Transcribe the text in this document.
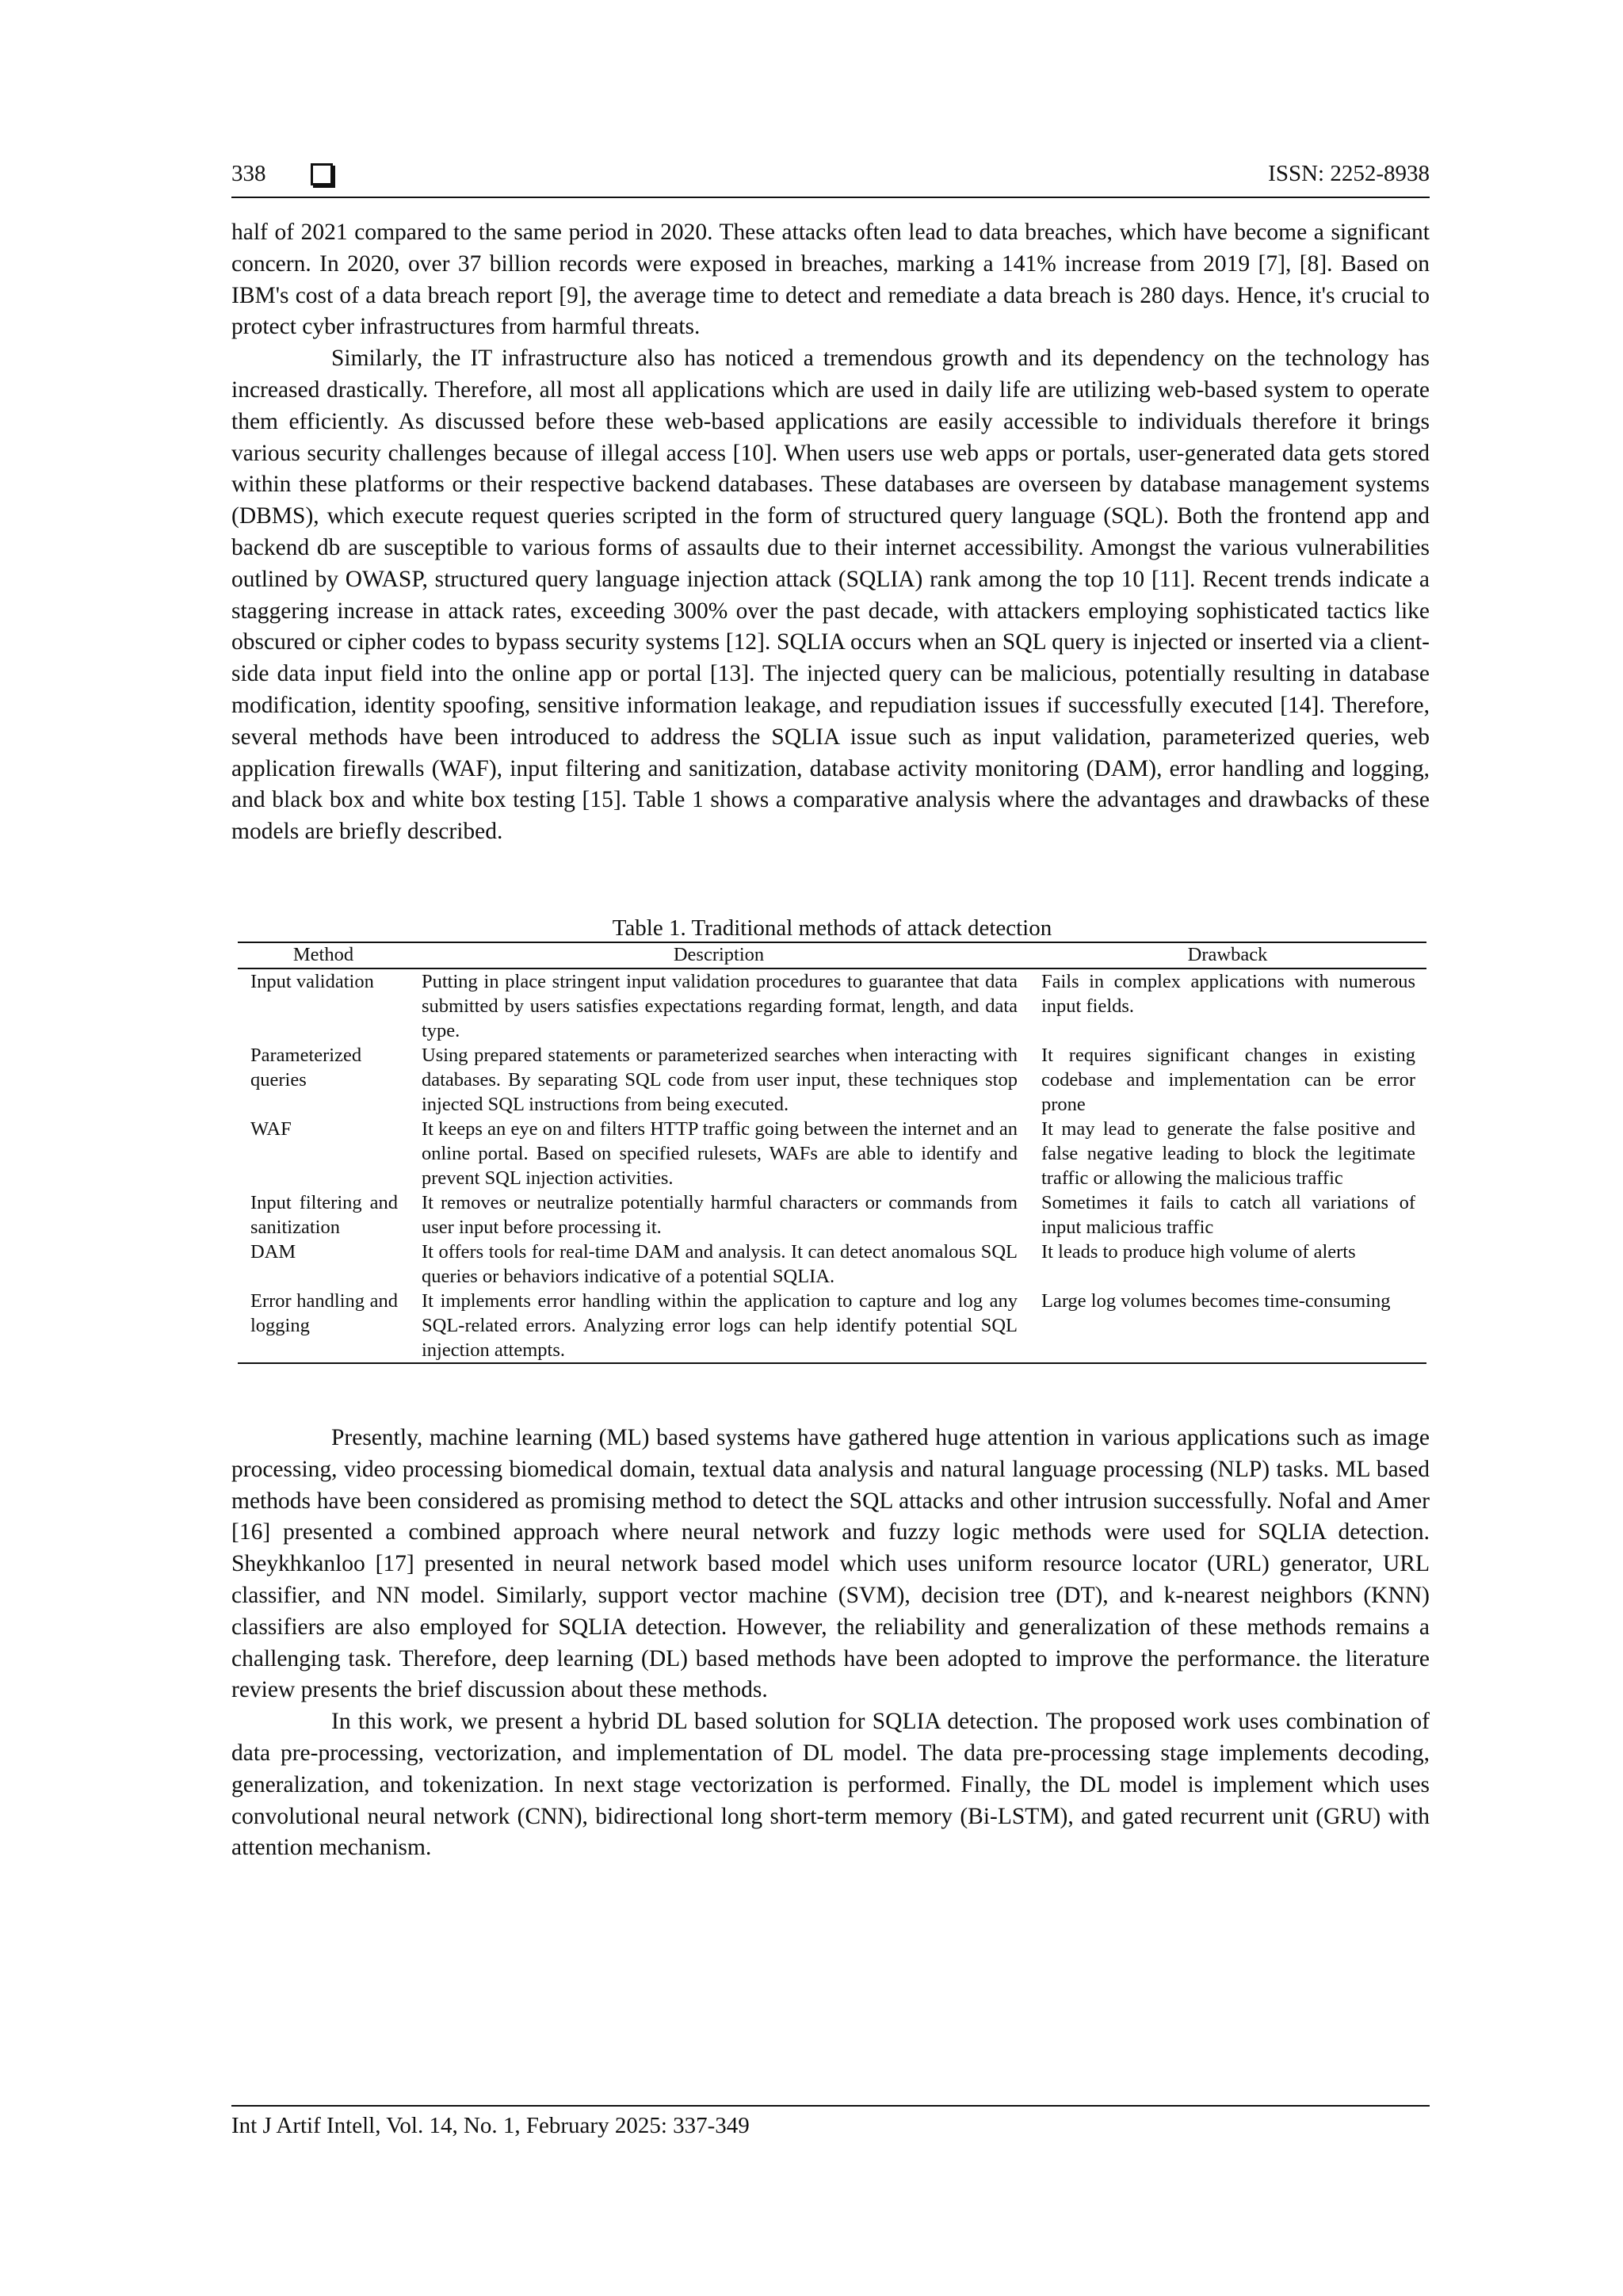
338	ISSN: 2252-8938

half of 2021 compared to the same period in 2020. These attacks often lead to data breaches, which have become a significant concern. In 2020, over 37 billion records were exposed in breaches, marking a 141% increase from 2019 [7], [8]. Based on IBM's cost of a data breach report [9], the average time to detect and remediate a data breach is 280 days. Hence, it's crucial to protect cyber infrastructures from harmful threats.

Similarly, the IT infrastructure also has noticed a tremendous growth and its dependency on the technology has increased drastically. Therefore, all most all applications which are used in daily life are utilizing web-based system to operate them efficiently. As discussed before these web-based applications are easily accessible to individuals therefore it brings various security challenges because of illegal access [10]. When users use web apps or portals, user-generated data gets stored within these platforms or their respective backend databases. These databases are overseen by database management systems (DBMS), which execute request queries scripted in the form of structured query language (SQL). Both the frontend app and backend db are susceptible to various forms of assaults due to their internet accessibility. Amongst the various vulnerabilities outlined by OWASP, structured query language injection attack (SQLIA) rank among the top 10 [11]. Recent trends indicate a staggering increase in attack rates, exceeding 300% over the past decade, with attackers employing sophisticated tactics like obscured or cipher codes to bypass security systems [12]. SQLIA occurs when an SQL query is injected or inserted via a client-side data input field into the online app or portal [13]. The injected query can be malicious, potentially resulting in database modification, identity spoofing, sensitive information leakage, and repudiation issues if successfully executed [14]. Therefore, several methods have been introduced to address the SQLIA issue such as input validation, parameterized queries, web application firewalls (WAF), input filtering and sanitization, database activity monitoring (DAM), error handling and logging, and black box and white box testing [15]. Table 1 shows a comparative analysis where the advantages and drawbacks of these models are briefly described.

Table 1. Traditional methods of attack detection
Method	Description	Drawback
Input validation	Putting in place stringent input validation procedures to guarantee that data submitted by users satisfies expectations regarding format, length, and data type.	Fails in complex applications with numerous input fields.
Parameterized queries	Using prepared statements or parameterized searches when interacting with databases. By separating SQL code from user input, these techniques stop injected SQL instructions from being executed.	It requires significant changes in existing codebase and implementation can be error prone
WAF	It keeps an eye on and filters HTTP traffic going between the internet and an online portal. Based on specified rulesets, WAFs are able to identify and prevent SQL injection activities.	It may lead to generate the false positive and false negative leading to block the legitimate traffic or allowing the malicious traffic
Input filtering and sanitization	It removes or neutralize potentially harmful characters or commands from user input before processing it.	Sometimes it fails to catch all variations of input malicious traffic
DAM	It offers tools for real-time DAM and analysis. It can detect anomalous SQL queries or behaviors indicative of a potential SQLIA.	It leads to produce high volume of alerts
Error handling and logging	It implements error handling within the application to capture and log any SQL-related errors. Analyzing error logs can help identify potential SQL injection attempts.	Large log volumes becomes time-consuming

Presently, machine learning (ML) based systems have gathered huge attention in various applications such as image processing, video processing biomedical domain, textual data analysis and natural language processing (NLP) tasks. ML based methods have been considered as promising method to detect the SQL attacks and other intrusion successfully. Nofal and Amer [16] presented a combined approach where neural network and fuzzy logic methods were used for SQLIA detection. Sheykhkanloo [17] presented in neural network based model which uses uniform resource locator (URL) generator, URL classifier, and NN model. Similarly, support vector machine (SVM), decision tree (DT), and k-nearest neighbors (KNN) classifiers are also employed for SQLIA detection. However, the reliability and generalization of these methods remains a challenging task. Therefore, deep learning (DL) based methods have been adopted to improve the performance. the literature review presents the brief discussion about these methods.

In this work, we present a hybrid DL based solution for SQLIA detection. The proposed work uses combination of data pre-processing, vectorization, and implementation of DL model. The data pre-processing stage implements decoding, generalization, and tokenization. In next stage vectorization is performed. Finally, the DL model is implement which uses convolutional neural network (CNN), bidirectional long short-term memory (Bi-LSTM), and gated recurrent unit (GRU) with attention mechanism.

Int J Artif Intell, Vol. 14, No. 1, February 2025: 337-349
